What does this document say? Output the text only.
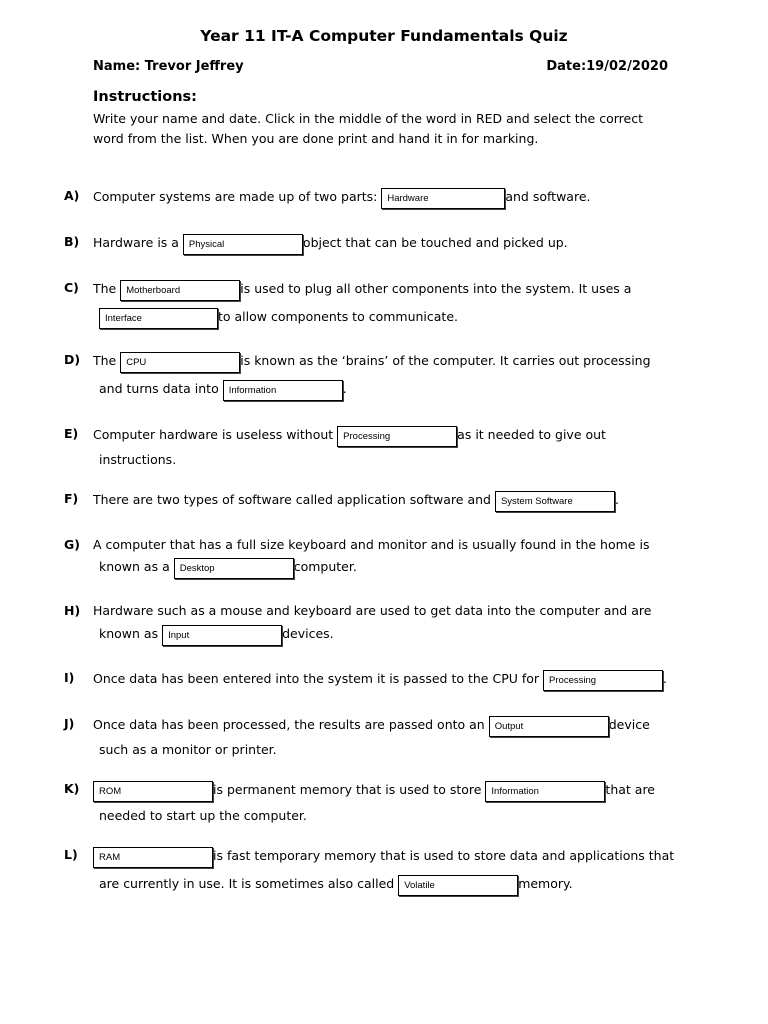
Year 11 IT-A Computer Fundamentals Quiz
Name: Trevor Jeffrey	Date:19/02/2020
Instructions:
Write your name and date. Click in the middle of the word in RED and select the correct
word from the list. When you are done print and hand it in for marking.
A) Computer systems are made up of two parts: Hardware	and software.
B) Hardware is a Physical	object that can be touched and picked up.
C) The Motherboard	is used to plug all other components into the system. It uses a
Interface	to allow components to communicate.
D) The CPU	is known as the ‘brains’ of the computer. It carries out processing
and turns data into Information	.
E) Computer hardware is useless without Processing	as it needed to give out
instructions.
F) There are two types of software called application software and System Software	.
G) A computer that has a full size keyboard and monitor and is usually found in the home is
known as a Desktop	computer.
H) Hardware such as a mouse and keyboard are used to get data into the computer and are
known as Input	devices.
I) Once data has been entered into the system it is passed to the CPU for Processing	.
J) Once data has been processed, the results are passed onto an Output	device
such as a monitor or printer.
K)	ROM	is permanent memory that is used to store Information	that are
needed to start up the computer.
L)	RAM	is fast temporary memory that is used to store data and applications that
are currently in use. It is sometimes also called Volatile	memory.
